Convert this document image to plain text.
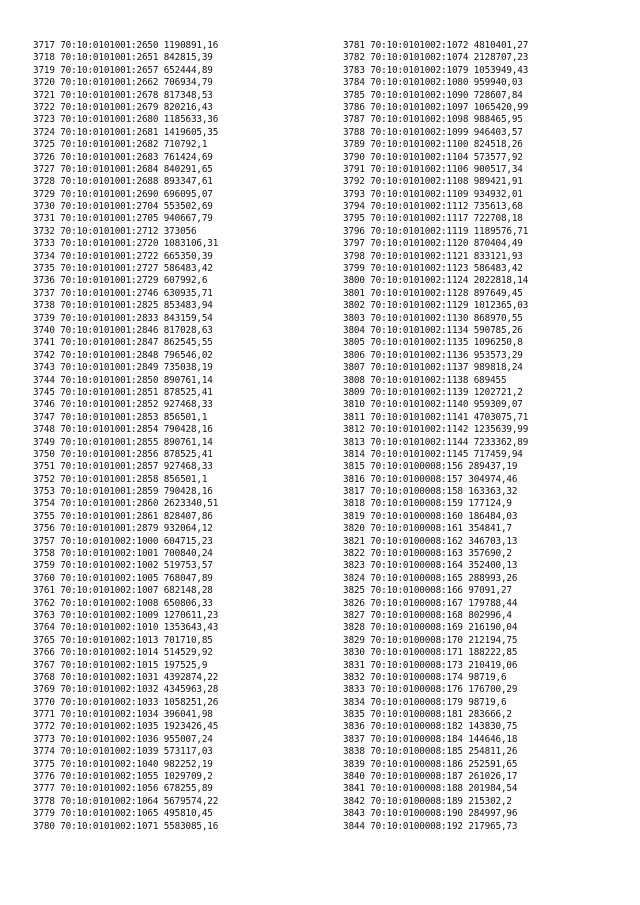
3717 70:10:0101001:2650 1190891,16
3718 70:10:0101001:2651 842815,39
3719 70:10:0101001:2657 652444,89
3720 70:10:0101001:2662 706934,79
3721 70:10:0101001:2678 817348,53
3722 70:10:0101001:2679 820216,43
3723 70:10:0101001:2680 1185633,36
3724 70:10:0101001:2681 1419605,35
3725 70:10:0101001:2682 710792,1
3726 70:10:0101001:2683 761424,69
3727 70:10:0101001:2684 840291,65
3728 70:10:0101001:2688 893347,61
3729 70:10:0101001:2690 696095,07
3730 70:10:0101001:2704 553502,69
3731 70:10:0101001:2705 940667,79
3732 70:10:0101001:2712 373056
3733 70:10:0101001:2720 1083106,31
3734 70:10:0101001:2722 665350,39
3735 70:10:0101001:2727 586483,42
3736 70:10:0101001:2729 607992,6
3737 70:10:0101001:2746 630935,71
3738 70:10:0101001:2825 853483,94
3739 70:10:0101001:2833 843159,54
3740 70:10:0101001:2846 817028,63
3741 70:10:0101001:2847 862545,55
3742 70:10:0101001:2848 796546,02
3743 70:10:0101001:2849 735038,19
3744 70:10:0101001:2850 890761,14
3745 70:10:0101001:2851 878525,41
3746 70:10:0101001:2852 927468,33
3747 70:10:0101001:2853 856501,1
3748 70:10:0101001:2854 790428,16
3749 70:10:0101001:2855 890761,14
3750 70:10:0101001:2856 878525,41
3751 70:10:0101001:2857 927468,33
3752 70:10:0101001:2858 856501,1
3753 70:10:0101001:2859 790428,16
3754 70:10:0101001:2860 2623340,51
3755 70:10:0101001:2861 828407,86
3756 70:10:0101001:2879 932064,12
3757 70:10:0101002:1000 604715,23
3758 70:10:0101002:1001 700840,24
3759 70:10:0101002:1002 519753,57
3760 70:10:0101002:1005 768047,89
3761 70:10:0101002:1007 682148,28
3762 70:10:0101002:1008 650806,33
3763 70:10:0101002:1009 1270611,23
3764 70:10:0101002:1010 1353643,43
3765 70:10:0101002:1013 701710,85
3766 70:10:0101002:1014 514529,92
3767 70:10:0101002:1015 197525,9
3768 70:10:0101002:1031 4392874,22
3769 70:10:0101002:1032 4345963,28
3770 70:10:0101002:1033 1058251,26
3771 70:10:0101002:1034 396041,98
3772 70:10:0101002:1035 1923426,45
3773 70:10:0101002:1036 955007,24
3774 70:10:0101002:1039 573117,03
3775 70:10:0101002:1040 982252,19
3776 70:10:0101002:1055 1029709,2
3777 70:10:0101002:1056 678255,89
3778 70:10:0101002:1064 5679574,22
3779 70:10:0101002:1065 495810,45
3780 70:10:0101002:1071 5583085,16
3781 70:10:0101002:1072 4810401,27
3782 70:10:0101002:1074 2128707,23
3783 70:10:0101002:1079 1053949,43
3784 70:10:0101002:1080 959940,03
3785 70:10:0101002:1090 728607,84
3786 70:10:0101002:1097 1065420,99
3787 70:10:0101002:1098 988465,95
3788 70:10:0101002:1099 946403,57
3789 70:10:0101002:1100 824518,26
3790 70:10:0101002:1104 573577,92
3791 70:10:0101002:1106 900517,34
3792 70:10:0101002:1108 989421,91
3793 70:10:0101002:1109 934932,01
3794 70:10:0101002:1112 735613,68
3795 70:10:0101002:1117 722708,18
3796 70:10:0101002:1119 1189576,71
3797 70:10:0101002:1120 870404,49
3798 70:10:0101002:1121 833121,93
3799 70:10:0101002:1123 586483,42
3800 70:10:0101002:1124 2022818,14
3801 70:10:0101002:1128 897649,45
3802 70:10:0101002:1129 1012365,03
3803 70:10:0101002:1130 868970,55
3804 70:10:0101002:1134 590785,26
3805 70:10:0101002:1135 1096250,8
3806 70:10:0101002:1136 953573,29
3807 70:10:0101002:1137 989818,24
3808 70:10:0101002:1138 689455
3809 70:10:0101002:1139 1202721,2
3810 70:10:0101002:1140 959309,07
3811 70:10:0101002:1141 4703075,71
3812 70:10:0101002:1142 1235639,99
3813 70:10:0101002:1144 7233362,89
3814 70:10:0101002:1145 717459,94
3815 70:10:0100008:156 289437,19
3816 70:10:0100008:157 304974,46
3817 70:10:0100008:158 163363,32
3818 70:10:0100008:159 177124,9
3819 70:10:0100008:160 186484,03
3820 70:10:0100008:161 354841,7
3821 70:10:0100008:162 346703,13
3822 70:10:0100008:163 357690,2
3823 70:10:0100008:164 352400,13
3824 70:10:0100008:165 288993,26
3825 70:10:0100008:166 97091,27
3826 70:10:0100008:167 179788,44
3827 70:10:0100008:168 802996,4
3828 70:10:0100008:169 216190,04
3829 70:10:0100008:170 212194,75
3830 70:10:0100008:171 188222,85
3831 70:10:0100008:173 210419,06
3832 70:10:0100008:174 98719,6
3833 70:10:0100008:176 176700,29
3834 70:10:0100008:179 98719,6
3835 70:10:0100008:181 283666,2
3836 70:10:0100008:182 143830,75
3837 70:10:0100008:184 144646,18
3838 70:10:0100008:185 254811,26
3839 70:10:0100008:186 252591,65
3840 70:10:0100008:187 261026,17
3841 70:10:0100008:188 201984,54
3842 70:10:0100008:189 215302,2
3843 70:10:0100008:190 284997,96
3844 70:10:0100008:192 217965,73
